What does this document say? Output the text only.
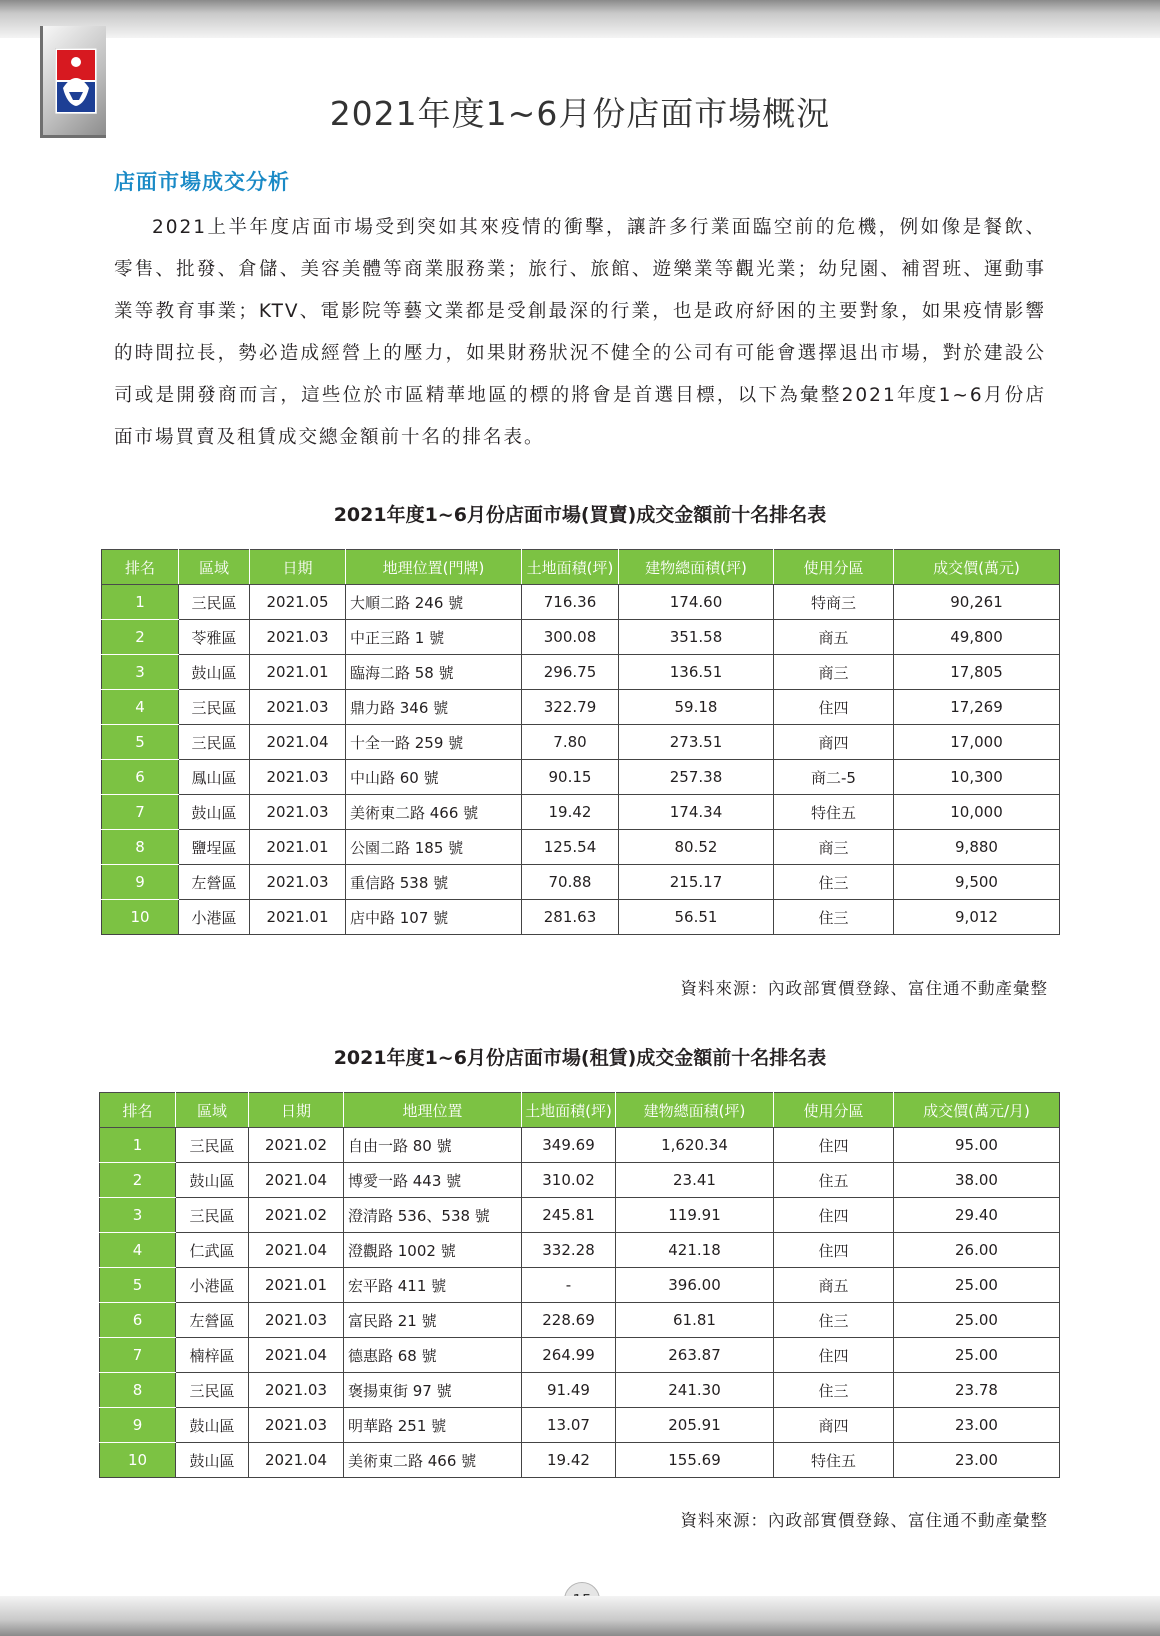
2021年度1~6月份店面市場概況
店面市場成交分析

2021上半年度店面市場受到突如其來疫情的衝擊，讓許多行業面臨空前的危機，例如像是餐飲、零售、批發、倉儲、美容美體等商業服務業；旅行、旅館、遊樂業等觀光業；幼兒園、補習班、運動事業等教育事業；KTV、電影院等藝文業都是受創最深的行業，也是政府紓困的主要對象，如果疫情影響的時間拉長，勢必造成經營上的壓力，如果財務狀況不健全的公司有可能會選擇退出市場，對於建設公司或是開發商而言，這些位於市區精華地區的標的將會是首選目標，以下為彙整2021年度1~6月份店面市場買賣及租賃成交總金額前十名的排名表。

2021年度1~6月份店面市場(買賣)成交金額前十名排名表
排名	區域	日期	地理位置(門牌)	土地面積(坪)	建物總面積(坪)	使用分區	成交價(萬元)
1	三民區	2021.05	大順二路 246 號	716.36	174.60	特商三	90,261
2	苓雅區	2021.03	中正三路 1 號	300.08	351.58	商五	49,800
3	鼓山區	2021.01	臨海二路 58 號	296.75	136.51	商三	17,805
4	三民區	2021.03	鼎力路 346 號	322.79	59.18	住四	17,269
5	三民區	2021.04	十全一路 259 號	7.80	273.51	商四	17,000
6	鳳山區	2021.03	中山路 60 號	90.15	257.38	商二-5	10,300
7	鼓山區	2021.03	美術東二路 466 號	19.42	174.34	特住五	10,000
8	鹽埕區	2021.01	公園二路 185 號	125.54	80.52	商三	9,880
9	左營區	2021.03	重信路 538 號	70.88	215.17	住三	9,500
10	小港區	2021.01	店中路 107 號	281.63	56.51	住三	9,012
資料來源：內政部實價登錄、富住通不動產彙整
2021年度1~6月份店面市場(租賃)成交金額前十名排名表
排名	區域	日期	地理位置	土地面積(坪)	建物總面積(坪)	使用分區	成交價(萬元/月)
1	三民區	2021.02	自由一路 80 號	349.69	1,620.34	住四	95.00
2	鼓山區	2021.04	博愛一路 443 號	310.02	23.41	住五	38.00
3	三民區	2021.02	澄清路 536、538 號	245.81	119.91	住四	29.40
4	仁武區	2021.04	澄觀路 1002 號	332.28	421.18	住四	26.00
5	小港區	2021.01	宏平路 411 號	-	396.00	商五	25.00
6	左營區	2021.03	富民路 21 號	228.69	61.81	住三	25.00
7	楠梓區	2021.04	德惠路 68 號	264.99	263.87	住四	25.00
8	三民區	2021.03	褒揚東街 97 號	91.49	241.30	住三	23.78
9	鼓山區	2021.03	明華路 251 號	13.07	205.91	商四	23.00
10	鼓山區	2021.04	美術東二路 466 號	19.42	155.69	特住五	23.00
資料來源：內政部實價登錄、富住通不動產彙整
